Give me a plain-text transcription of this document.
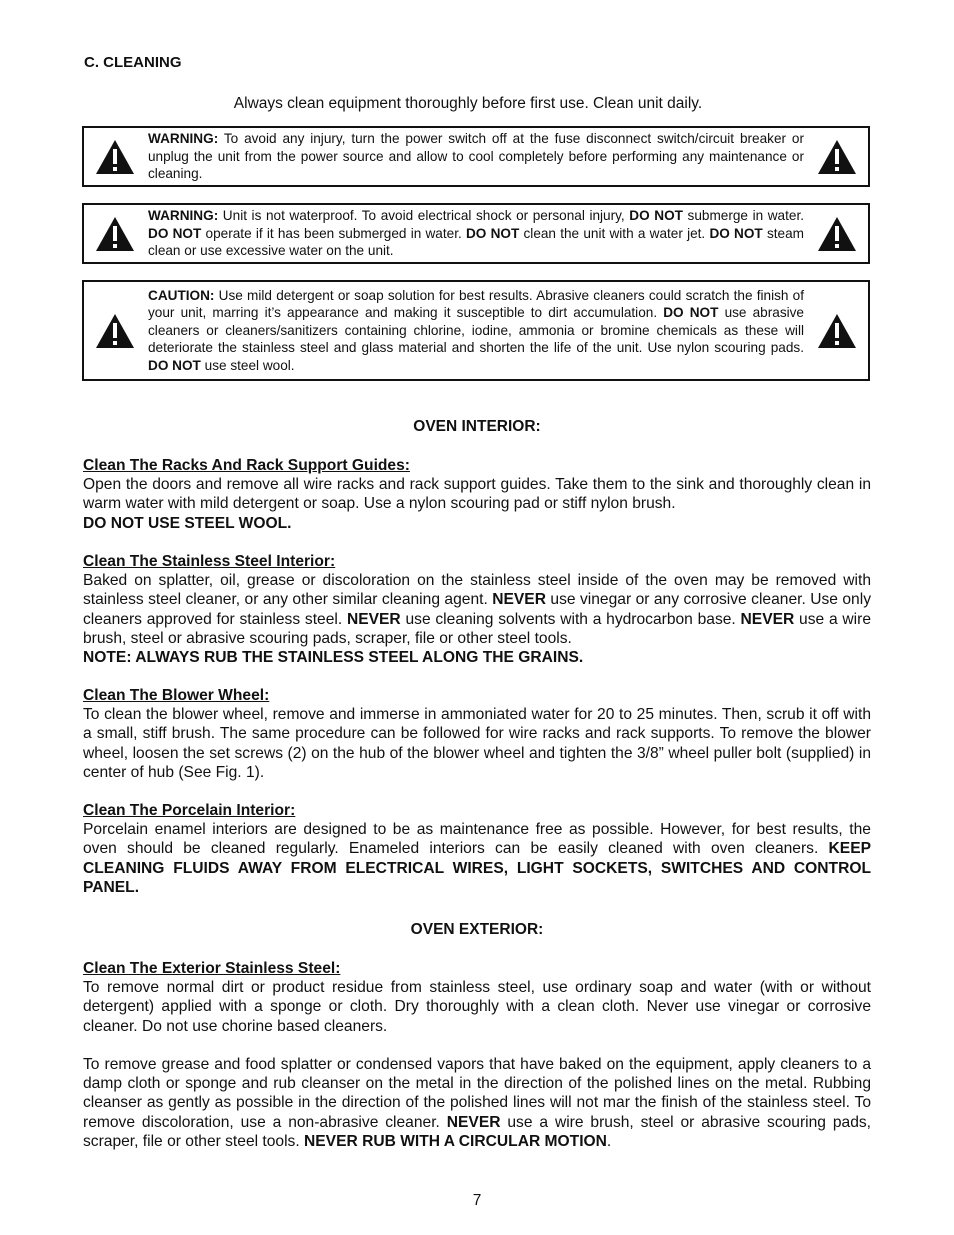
C. CLEANING
Always clean equipment thoroughly before first use. Clean unit daily.
WARNING: To avoid any injury, turn the power switch off at the fuse disconnect switch/circuit breaker or unplug the unit from the power source and allow to cool completely before performing any maintenance or cleaning.
WARNING: Unit is not waterproof. To avoid electrical shock or personal injury, DO NOT submerge in water. DO NOT operate if it has been submerged in water. DO NOT clean the unit with a water jet. DO NOT steam clean or use excessive water on the unit.
CAUTION: Use mild detergent or soap solution for best results. Abrasive cleaners could scratch the finish of your unit, marring it’s appearance and making it susceptible to dirt accumulation. DO NOT use abrasive cleaners or cleaners/sanitizers containing chlorine, iodine, ammonia or bromine chemicals as these will deteriorate the stainless steel and glass material and shorten the life of the unit. Use nylon scouring pads. DO NOT use steel wool.
OVEN INTERIOR:
Clean The Racks And Rack Support Guides:
Open the doors and remove all wire racks and rack support guides. Take them to the sink and thoroughly clean in warm water with mild detergent or soap. Use a nylon scouring pad or stiff nylon brush.
DO NOT USE STEEL WOOL.
Clean The Stainless Steel Interior:
Baked on splatter, oil, grease or discoloration on the stainless steel inside of the oven may be removed with stainless steel cleaner, or any other similar cleaning agent. NEVER use vinegar or any corrosive cleaner. Use only cleaners approved for stainless steel. NEVER use cleaning solvents with a hydrocarbon base. NEVER use a wire brush, steel or abrasive scouring pads, scraper, file or other steel tools.
NOTE: ALWAYS RUB THE STAINLESS STEEL ALONG THE GRAINS.
Clean The Blower Wheel:
To clean the blower wheel, remove and immerse in ammoniated water for 20 to 25 minutes. Then, scrub it off with a small, stiff brush. The same procedure can be followed for wire racks and rack supports. To remove the blower wheel, loosen the set screws (2) on the hub of the blower wheel and tighten the 3/8” wheel puller bolt (supplied) in center of hub (See Fig. 1).
Clean The Porcelain Interior:
Porcelain enamel interiors are designed to be as maintenance free as possible. However, for best results, the oven should be cleaned regularly. Enameled interiors can be easily cleaned with oven cleaners. KEEP CLEANING FLUIDS AWAY FROM ELECTRICAL WIRES, LIGHT SOCKETS, SWITCHES AND CONTROL PANEL.
OVEN EXTERIOR:
Clean The Exterior Stainless Steel:
To remove normal dirt or product residue from stainless steel, use ordinary soap and water (with or without detergent) applied with a sponge or cloth. Dry thoroughly with a clean cloth. Never use vinegar or corrosive cleaner. Do not use chorine based cleaners.
To remove grease and food splatter or condensed vapors that have baked on the equipment, apply cleaners to a damp cloth or sponge and rub cleanser on the metal in the direction of the polished lines on the metal. Rubbing cleanser as gently as possible in the direction of the polished lines will not mar the finish of the stainless steel. To remove discoloration, use a non-abrasive cleaner. NEVER use a wire brush, steel or abrasive scouring pads, scraper, file or other steel tools. NEVER RUB WITH A CIRCULAR MOTION.
7
